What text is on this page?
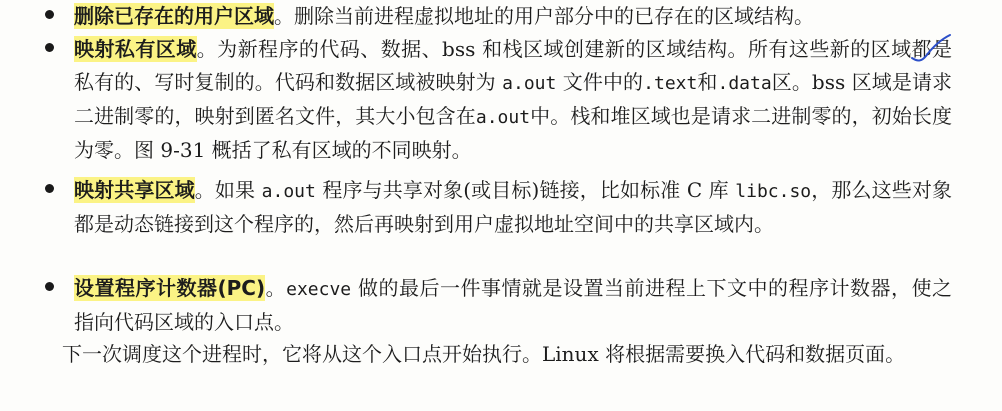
删除已存在的用户区域。删除当前进程虚拟地址的用户部分中的已存在的区域结构。
映射私有区域。为新程序的代码、数据、bss 和栈区域创建新的区域结构。所有这些新的区域都是私有的、写时复制的。代码和数据区域被映射为 a.out 文件中的.text和.data区。bss 区域是请求二进制零的，映射到匿名文件，其大小包含在a.out中。栈和堆区域也是请求二进制零的，初始长度为零。图 9-31 概括了私有区域的不同映射。
映射共享区域。如果 a.out 程序与共享对象(或目标)链接，比如标准 C 库 libc.so，那么这些对象都是动态链接到这个程序的，然后再映射到用户虚拟地址空间中的共享区域内。
设置程序计数器(PC)。execve 做的最后一件事情就是设置当前进程上下文中的程序计数器，使之指向代码区域的入口点。
下一次调度这个进程时，它将从这个入口点开始执行。Linux 将根据需要换入代码和数据页面。
